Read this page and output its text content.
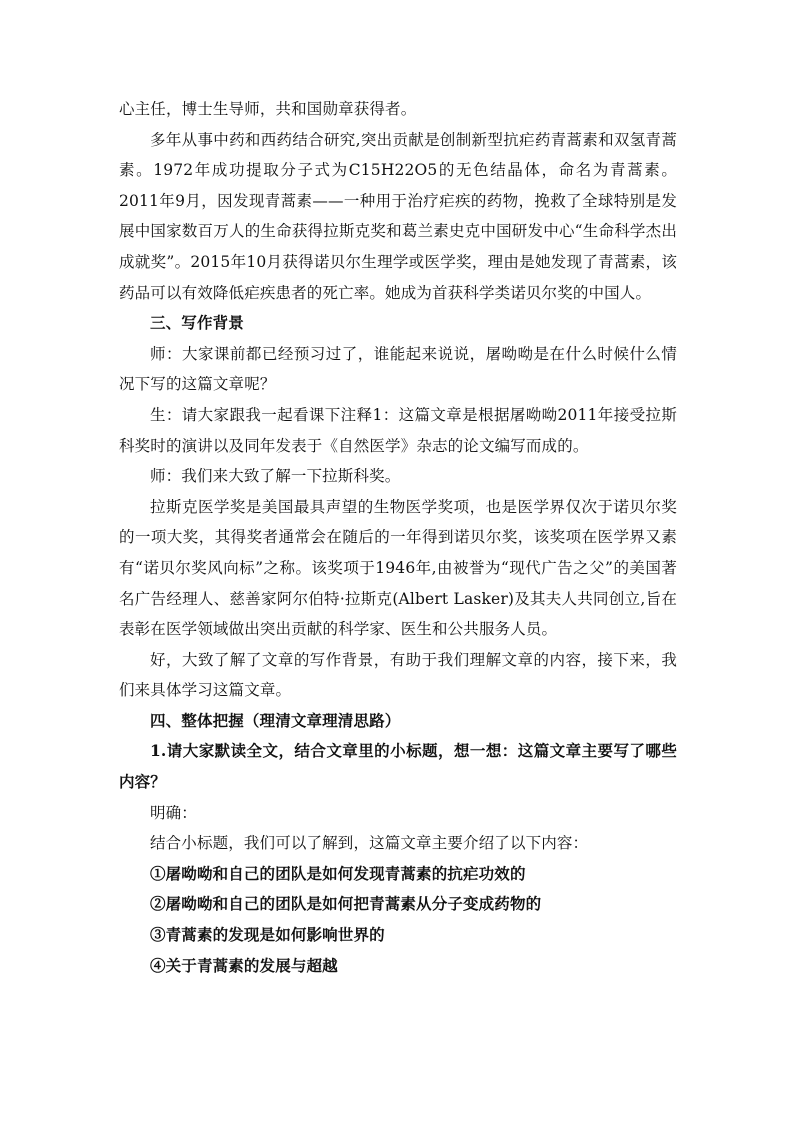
心主任，博士生导师，共和国勋章获得者。

多年从事中药和西药结合研究,突出贡献是创制新型抗疟药青蒿素和双氢青蒿素。1972年成功提取分子式为C15H22O5的无色结晶体，命名为青蒿素。2011年9月，因发现青蒿素——一种用于治疗疟疾的药物，挽救了全球特别是发展中国家数百万人的生命获得拉斯克奖和葛兰素史克中国研发中心“生命科学杰出成就奖”。2015年10月获得诺贝尔生理学或医学奖，理由是她发现了青蒿素，该药品可以有效降低疟疾患者的死亡率。她成为首获科学类诺贝尔奖的中国人。

三、写作背景

师：大家课前都已经预习过了，谁能起来说说，屠呦呦是在什么时候什么情况下写的这篇文章呢？

生：请大家跟我一起看课下注释1：这篇文章是根据屠呦呦2011年接受拉斯科奖时的演讲以及同年发表于《自然医学》杂志的论文编写而成的。

师：我们来大致了解一下拉斯科奖。

拉斯克医学奖是美国最具声望的生物医学奖项，也是医学界仅次于诺贝尔奖的一项大奖，其得奖者通常会在随后的一年得到诺贝尔奖，该奖项在医学界又素有“诺贝尔奖风向标”之称。该奖项于1946年,由被誉为“现代广告之父”的美国著名广告经理人、慈善家阿尔伯特·拉斯克(Albert Lasker)及其夫人共同创立,旨在表彰在医学领域做出突出贡献的科学家、医生和公共服务人员。

好，大致了解了文章的写作背景，有助于我们理解文章的内容，接下来，我们来具体学习这篇文章。

四、整体把握（理清文章理清思路）

1.请大家默读全文，结合文章里的小标题，想一想：这篇文章主要写了哪些内容？

明确：

结合小标题，我们可以了解到，这篇文章主要介绍了以下内容：

①屠呦呦和自己的团队是如何发现青蒿素的抗疟功效的

②屠呦呦和自己的团队是如何把青蒿素从分子变成药物的

③青蒿素的发现是如何影响世界的

④关于青蒿素的发展与超越
